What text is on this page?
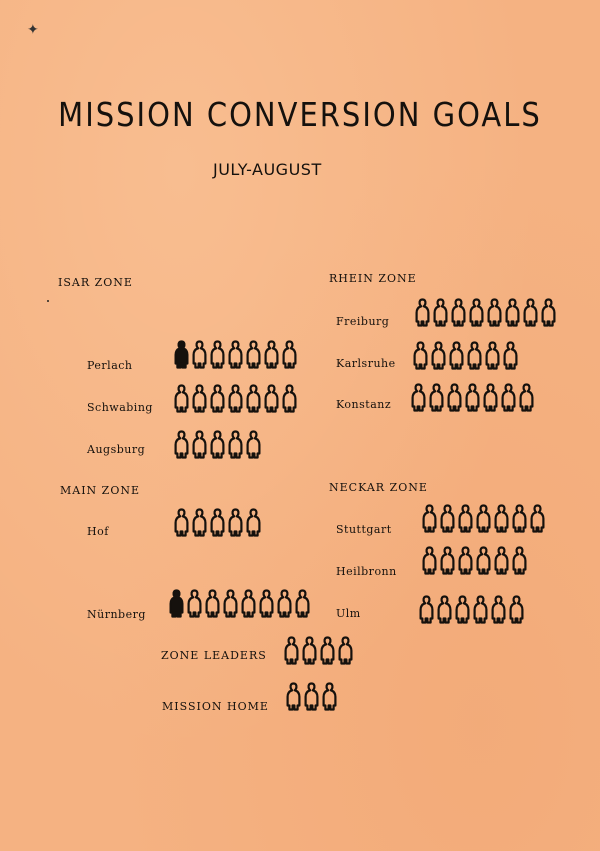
✦
MISSION CONVERSION GOALS
JULY-AUGUST
ISAR ZONE
Perlach
Schwabing
Augsburg
MAIN ZONE
Hof
Nürnberg
RHEIN ZONE
Freiburg
Karlsruhe
Konstanz
NECKAR ZONE
Stuttgart
Heilbronn
Ulm
ZONE LEADERS
MISSION HOME
